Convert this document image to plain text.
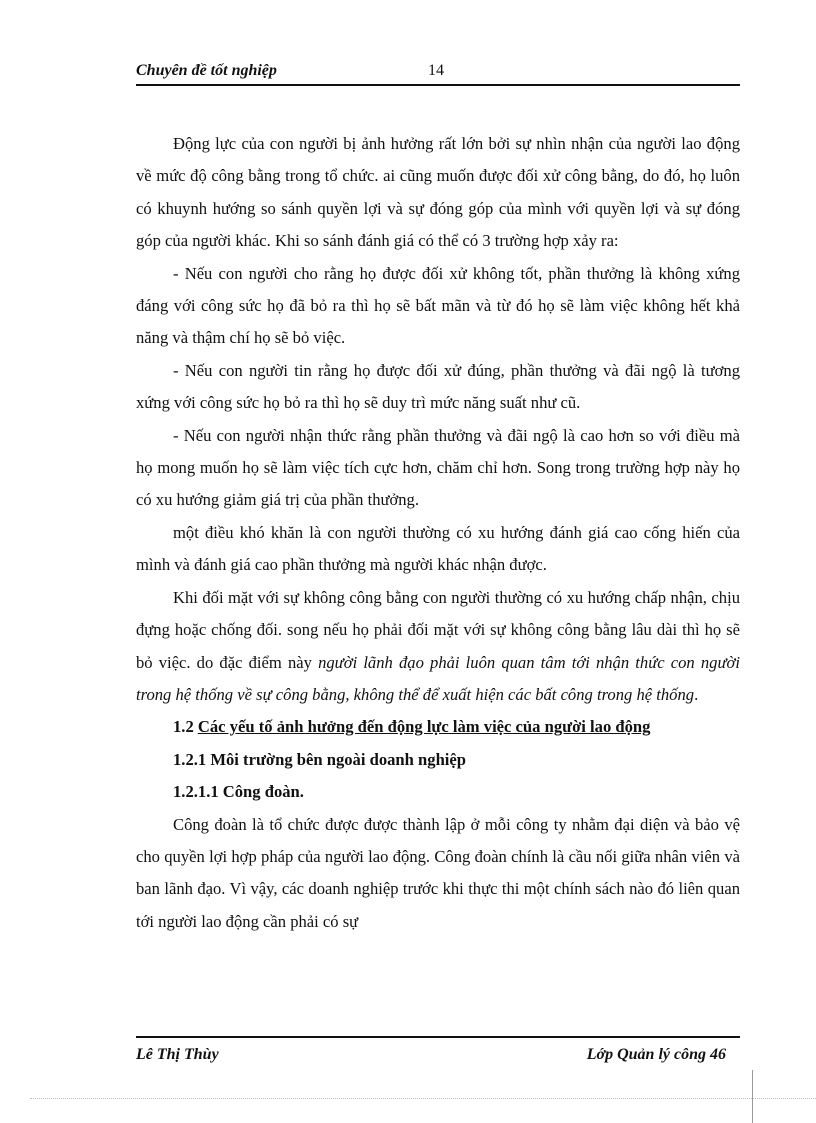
Chuyên đề tốt nghiệp	14

Động lực của con người bị ảnh hưởng rất lớn bởi sự nhìn nhận của người lao động về mức độ công bằng trong tổ chức. ai cũng muốn được đối xử công bằng, do đó, họ luôn có khuynh hướng so sánh quyền lợi và sự đóng góp của mình với quyền lợi và sự đóng góp của người khác. Khi so sánh đánh giá có thể có 3 trường hợp xảy ra:

- Nếu con người cho rằng họ được đối xử không tốt, phần thưởng là không xứng đáng với công sức họ đã bỏ ra thì họ sẽ bất mãn và từ đó họ sẽ làm việc không hết khả năng và thậm chí họ sẽ bỏ việc.

- Nếu con người tin rằng họ được đối xử đúng, phần thưởng và đãi ngộ là tương xứng với công sức họ bỏ ra thì họ sẽ duy trì mức năng suất như cũ.

- Nếu con người nhận thức rằng phần thưởng và đãi ngộ là cao hơn so với điều mà họ mong muốn họ sẽ làm việc tích cực hơn, chăm chỉ hơn. Song trong trường hợp này họ có xu hướng giảm giá trị của phần thưởng.

một điều khó khăn là con người thường có xu hướng đánh giá cao cống hiến của mình và đánh giá cao phần thưởng mà người khác nhận được.

Khi đối mặt với sự không công bằng con người thường có xu hướng chấp nhận, chịu đựng hoặc chống đối. song nếu họ phải đối mặt với sự không công bằng lâu dài thì họ sẽ bỏ việc. do đặc điểm này người lãnh đạo phải luôn quan tâm tới nhận thức con người trong hệ thống về sự công bằng, không thể để xuất hiện các bất công trong hệ thống.

1.2 Các yếu tố ảnh hưởng đến động lực làm việc của người lao động

1.2.1 Môi trường bên ngoài doanh nghiệp

1.2.1.1 Công đoàn.

Công đoàn là tổ chức được được thành lập ở mỗi công ty nhằm đại diện và bảo vệ cho quyền lợi hợp pháp của người lao động. Công đoàn chính là cầu nối giữa nhân viên và ban lãnh đạo. Vì vậy, các doanh nghiệp trước khi thực thi một chính sách nào đó liên quan tới người lao động cần phải có sự

Lê Thị Thùy	Lớp Quản lý công 46
